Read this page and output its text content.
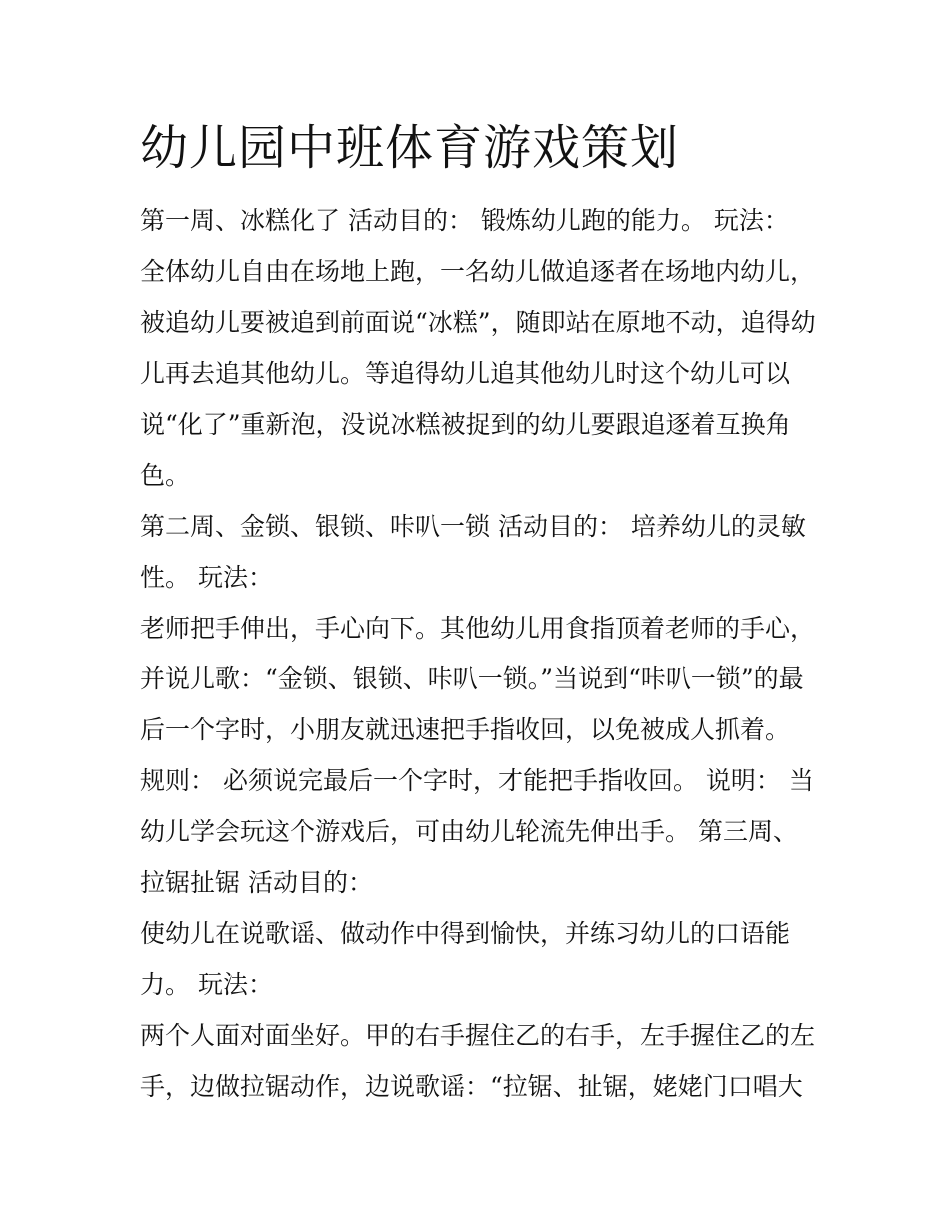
幼儿园中班体育游戏策划

第一周、冰糕化了 活动目的： 锻炼幼儿跑的能力。 玩法：

全体幼儿自由在场地上跑，一名幼儿做追逐者在场地内幼儿，

被追幼儿要被追到前面说“冰糕”，随即站在原地不动，追得幼

儿再去追其他幼儿。等追得幼儿追其他幼儿时这个幼儿可以

说“化了”重新泡，没说冰糕被捉到的幼儿要跟追逐着互换角

色。

第二周、金锁、银锁、咔叭一锁 活动目的： 培养幼儿的灵敏

性。 玩法：

老师把手伸出，手心向下。其他幼儿用食指顶着老师的手心，

并说儿歌：“金锁、银锁、咔叭一锁。”当说到“咔叭一锁”的最

后一个字时，小朋友就迅速把手指收回，以免被成人抓着。

规则： 必须说完最后一个字时，才能把手指收回。 说明： 当

幼儿学会玩这个游戏后，可由幼儿轮流先伸出手。 第三周、

拉锯扯锯 活动目的：

使幼儿在说歌谣、做动作中得到愉快，并练习幼儿的口语能

力。 玩法：

两个人面对面坐好。甲的右手握住乙的右手，左手握住乙的左

手，边做拉锯动作，边说歌谣：“拉锯、扯锯，姥姥门口唱大
